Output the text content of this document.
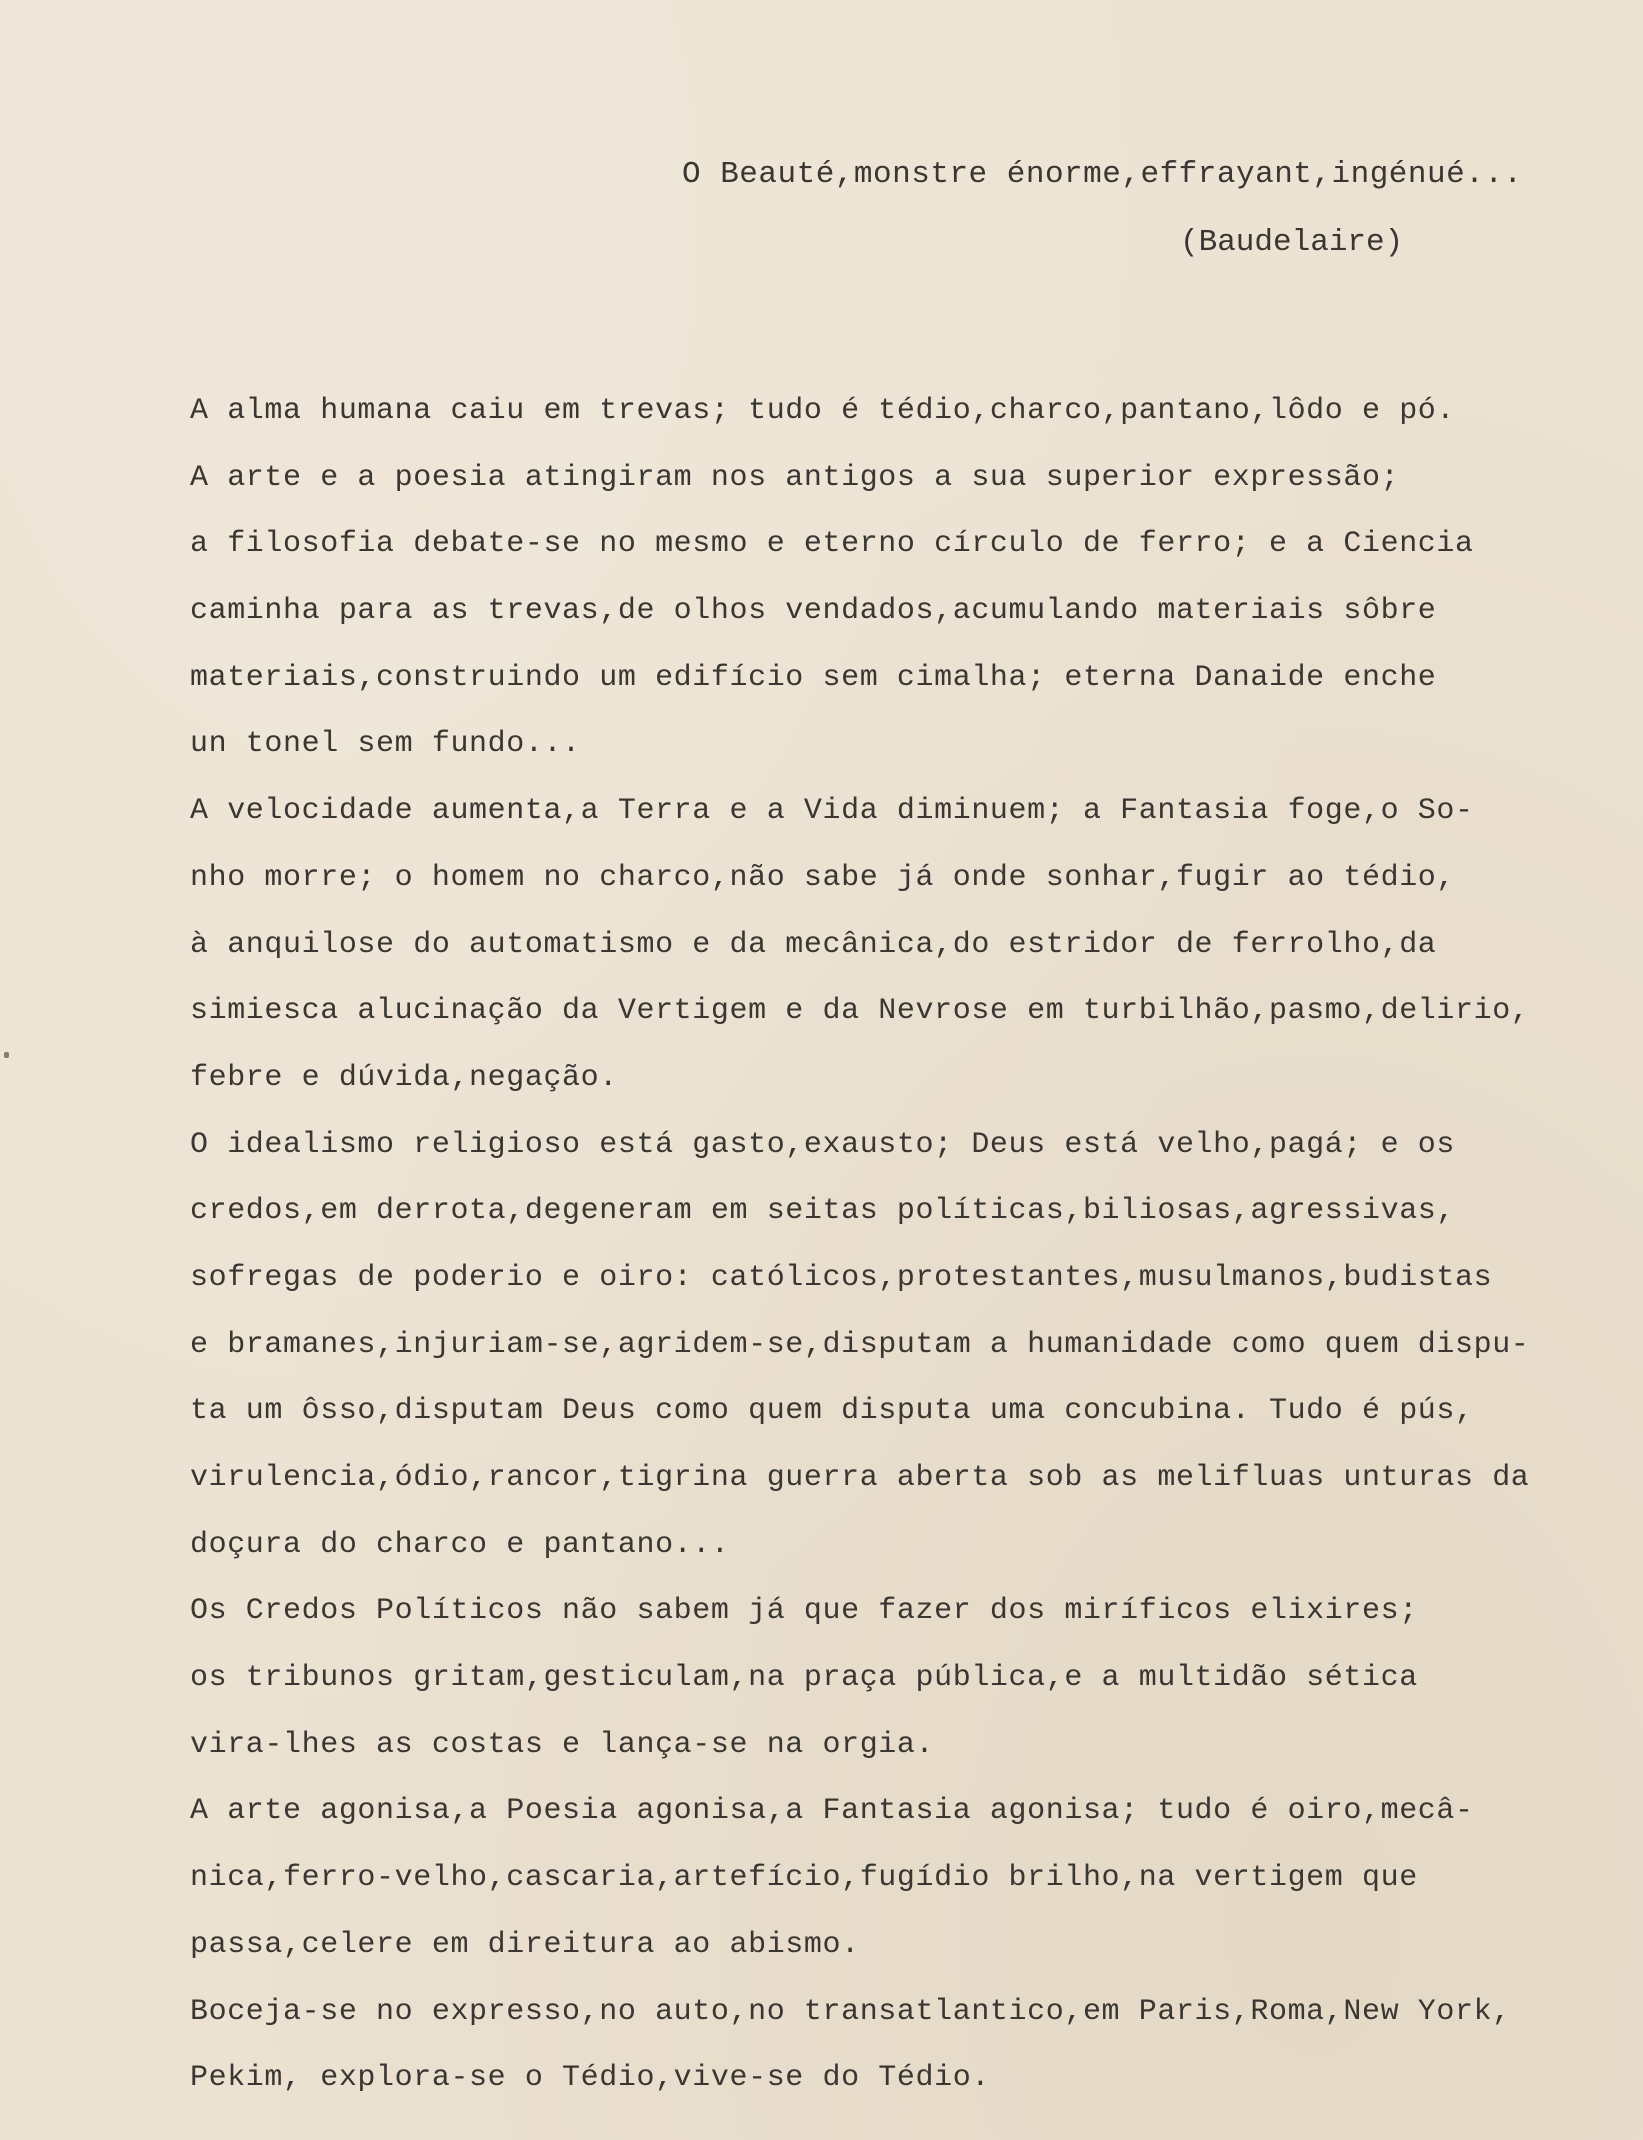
O Beauté,monstre énorme,effrayant,ingénué...
(Baudelaire)
A alma humana caiu em trevas; tudo é tédio,charco,pantano,lôdo e pó.
A arte e a poesia atingiram nos antigos a sua superior expressão;
a filosofia debate-se no mesmo e eterno círculo de ferro; e a Ciencia
caminha para as trevas,de olhos vendados,acumulando materiais sôbre
materiais,construindo um edifício sem cimalha; eterna Danaide enche
un tonel sem fundo...
A velocidade aumenta,a Terra e a Vida diminuem; a Fantasia foge,o So-
nho morre; o homem no charco,não sabe já onde sonhar,fugir ao tédio,
à anquilose do automatismo e da mecânica,do estridor de ferrolho,da
simiesca alucinação da Vertigem e da Nevrose em turbilhão,pasmo,delirio,
febre e dúvida,negação.
O idealismo religioso está gasto,exausto; Deus está velho,pagá; e os
credos,em derrota,degeneram em seitas políticas,biliosas,agressivas,
sofregas de poderio e oiro: católicos,protestantes,musulmanos,budistas
e bramanes,injuriam-se,agridem-se,disputam a humanidade como quem dispu-
ta um ôsso,disputam Deus como quem disputa uma concubina. Tudo é pús,
virulencia,ódio,rancor,tigrina guerra aberta sob as melifluas unturas da
doçura do charco e pantano...
Os Credos Políticos não sabem já que fazer dos miríficos elixires;
os tribunos gritam,gesticulam,na praça pública,e a multidão sética
vira-lhes as costas e lança-se na orgia.
A arte agonisa,a Poesia agonisa,a Fantasia agonisa; tudo é oiro,mecâ-
nica,ferro-velho,cascaria,artefício,fugídio brilho,na vertigem que
passa,celere em direitura ao abismo.
Boceja-se no expresso,no auto,no transatlantico,em Paris,Roma,New York,
Pekim, explora-se o Tédio,vive-se do Tédio.
